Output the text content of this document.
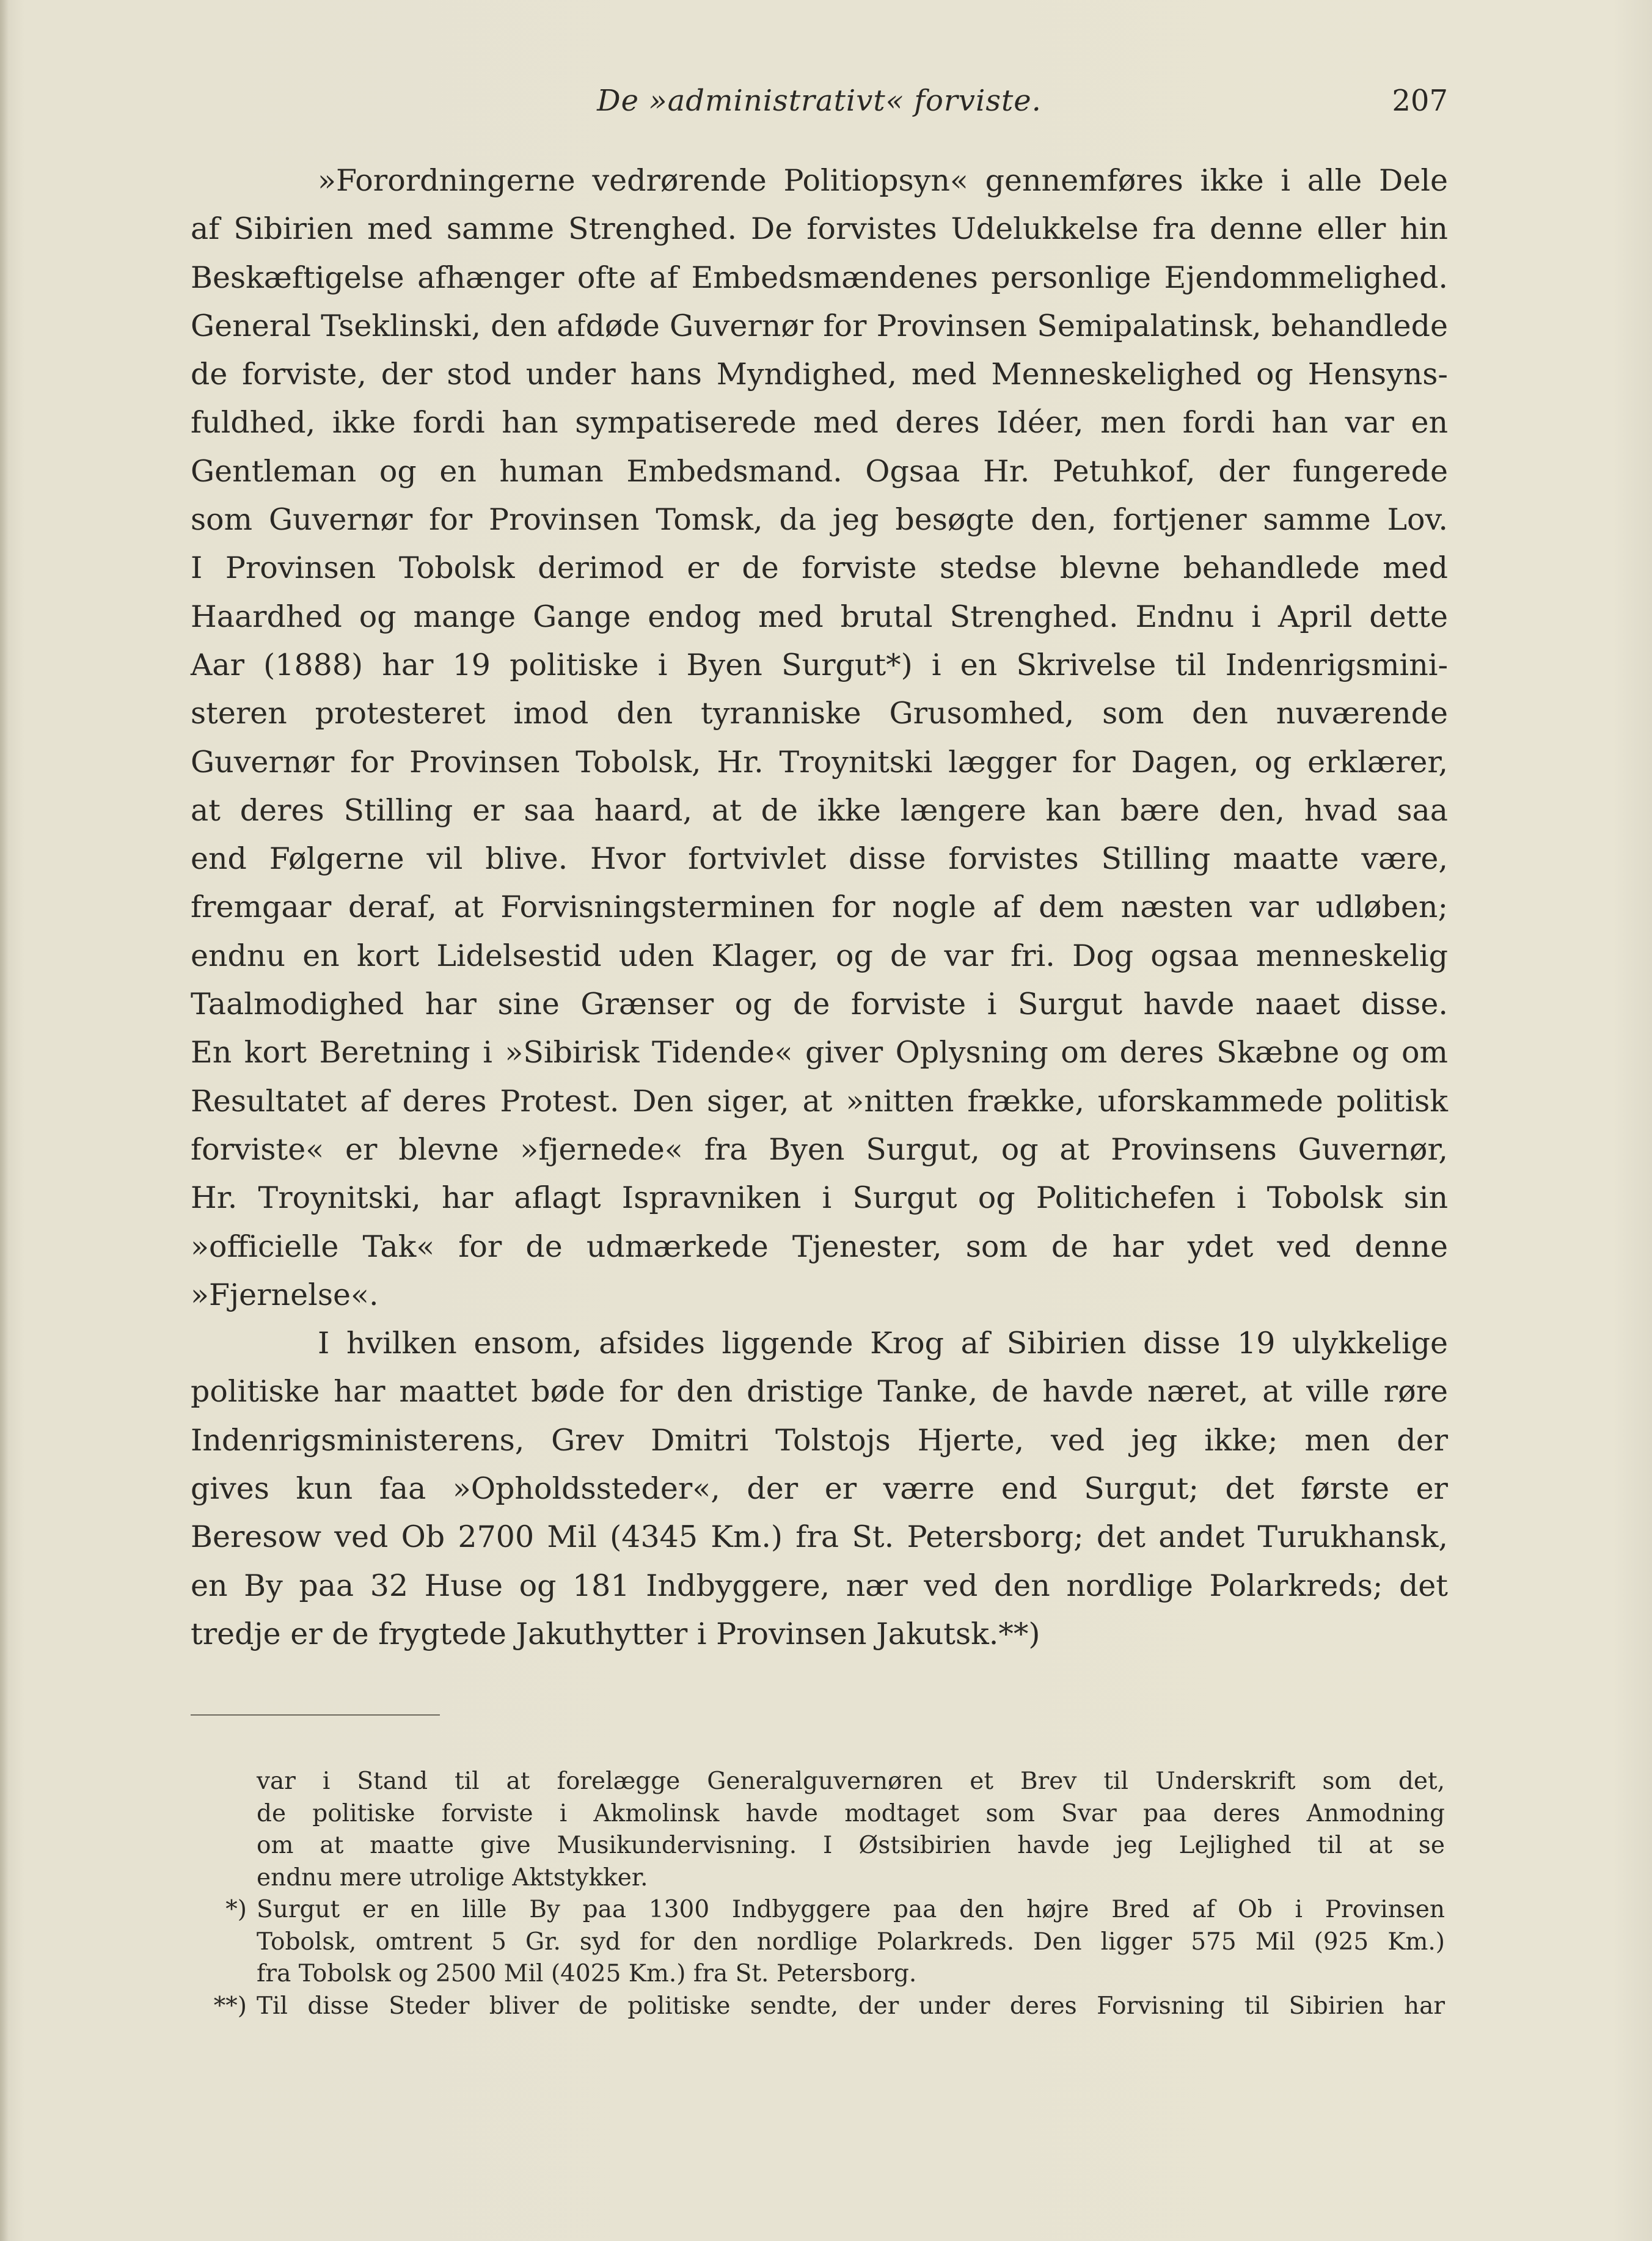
De »administrativt« forviste.	207
»Forordningerne vedrørende Politiopsyn« gennemføres ikke i alle Dele
af Sibirien med samme Strenghed. De forvistes Udelukkelse fra denne eller hin
Beskæftigelse afhænger ofte af Embedsmændenes personlige Ejendommelighed.
General Tseklinski, den afdøde Guvernør for Provinsen Semipalatinsk, behandlede
de forviste, der stod under hans Myndighed, med Menneskelighed og Hensyns-
fuldhed, ikke fordi han sympatiserede med deres Idéer, men fordi han var en
Gentleman og en human Embedsmand. Ogsaa Hr. Petuhkof, der fungerede
som Guvernør for Provinsen Tomsk, da jeg besøgte den, fortjener samme Lov.
I Provinsen Tobolsk derimod er de forviste stedse blevne behandlede med
Haardhed og mange Gange endog med brutal Strenghed. Endnu i April dette
Aar (1888) har 19 politiske i Byen Surgut*) i en Skrivelse til Indenrigsmini-
steren protesteret imod den tyranniske Grusomhed, som den nuværende
Guvernør for Provinsen Tobolsk, Hr. Troynitski lægger for Dagen, og erklærer,
at deres Stilling er saa haard, at de ikke længere kan bære den, hvad saa
end Følgerne vil blive. Hvor fortvivlet disse forvistes Stilling maatte være,
fremgaar deraf, at Forvisningsterminen for nogle af dem næsten var udløben;
endnu en kort Lidelsestid uden Klager, og de var fri. Dog ogsaa menneskelig
Taalmodighed har sine Grænser og de forviste i Surgut havde naaet disse.
En kort Beretning i »Sibirisk Tidende« giver Oplysning om deres Skæbne og om
Resultatet af deres Protest. Den siger, at »nitten frække, uforskammede politisk
forviste« er blevne »fjernede« fra Byen Surgut, og at Provinsens Guvernør,
Hr. Troynitski, har aflagt Ispravniken i Surgut og Politichefen i Tobolsk sin
»officielle Tak« for de udmærkede Tjenester, som de har ydet ved denne
»Fjernelse«.
I hvilken ensom, afsides liggende Krog af Sibirien disse 19 ulykkelige
politiske har maattet bøde for den dristige Tanke, de havde næret, at ville røre
Indenrigsministerens, Grev Dmitri Tolstojs Hjerte, ved jeg ikke; men der
gives kun faa »Opholdssteder«, der er værre end Surgut; det første er
Beresow ved Ob 2700 Mil (4345 Km.) fra St. Petersborg; det andet Turukhansk,
en By paa 32 Huse og 181 Indbyggere, nær ved den nordlige Polarkreds; det
tredje er de frygtede Jakuthytter i Provinsen Jakutsk.**)
var i Stand til at forelægge Generalguvernøren et Brev til Underskrift som det,
de politiske forviste i Akmolinsk havde modtaget som Svar paa deres Anmodning
om at maatte give Musikundervisning. I Østsibirien havde jeg Lejlighed til at se
endnu mere utrolige Aktstykker.
*) Surgut er en lille By paa 1300 Indbyggere paa den højre Bred af Ob i Provinsen
Tobolsk, omtrent 5 Gr. syd for den nordlige Polarkreds. Den ligger 575 Mil (925 Km.)
fra Tobolsk og 2500 Mil (4025 Km.) fra St. Petersborg.
**) Til disse Steder bliver de politiske sendte, der under deres Forvisning til Sibirien har
